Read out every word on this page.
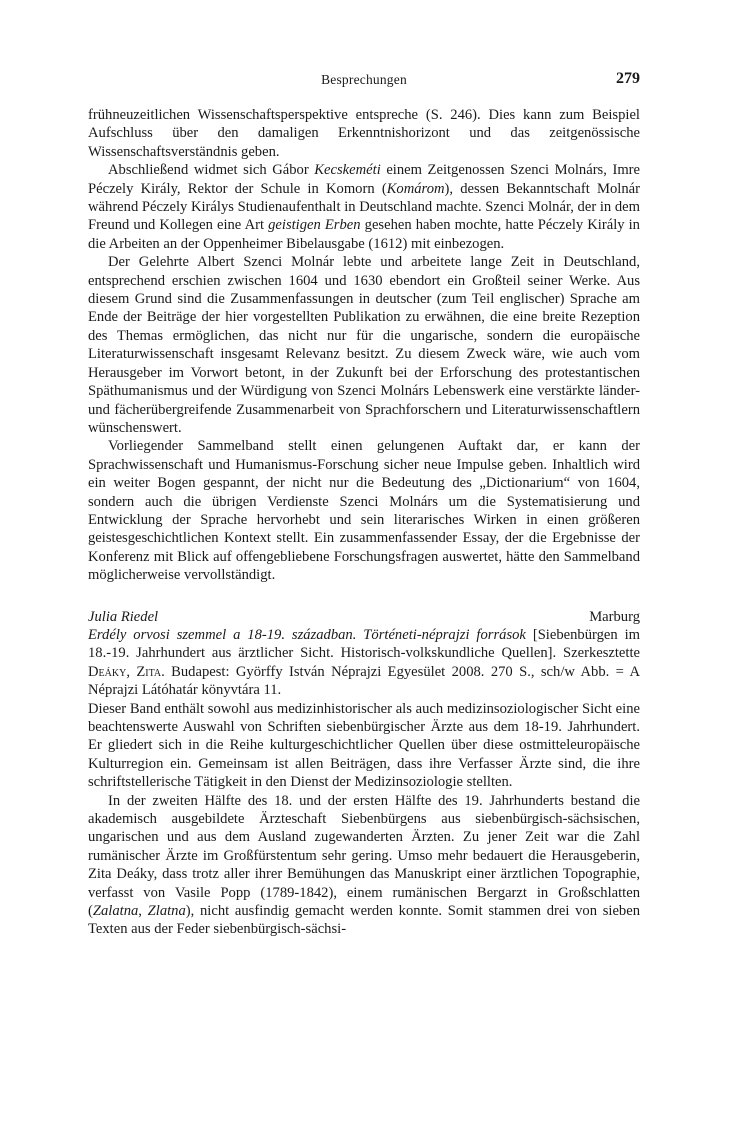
Besprechungen	279

frühneuzeitlichen Wissenschaftsperspektive entspreche (S. 246). Dies kann zum Beispiel Aufschluss über den damaligen Erkenntnishorizont und das zeitgenössische Wissenschaftsverständnis geben.

Abschließend widmet sich Gábor Kecskeméti einem Zeitgenossen Szenci Molnárs, Imre Péczely Király, Rektor der Schule in Komorn (Komárom), dessen Bekanntschaft Molnár während Péczely Királys Studienaufenthalt in Deutschland machte. Szenci Molnár, der in dem Freund und Kollegen eine Art geistigen Erben gesehen haben mochte, hatte Péczely Király in die Arbeiten an der Oppenheimer Bibelausgabe (1612) mit einbezogen.

Der Gelehrte Albert Szenci Molnár lebte und arbeitete lange Zeit in Deutschland, entsprechend erschien zwischen 1604 und 1630 ebendort ein Großteil seiner Werke. Aus diesem Grund sind die Zusammenfassungen in deutscher (zum Teil englischer) Sprache am Ende der Beiträge der hier vorgestellten Publikation zu erwähnen, die eine breite Rezeption des Themas ermöglichen, das nicht nur für die ungarische, sondern die europäische Literaturwissenschaft insgesamt Relevanz besitzt. Zu diesem Zweck wäre, wie auch vom Herausgeber im Vorwort betont, in der Zukunft bei der Erforschung des protestantischen Späthumanismus und der Würdigung von Szenci Molnárs Lebenswerk eine verstärkte länder- und fächerübergreifende Zusammenarbeit von Sprachforschern und Literaturwissenschaftlern wünschenswert.

Vorliegender Sammelband stellt einen gelungenen Auftakt dar, er kann der Sprachwissenschaft und Humanismus-Forschung sicher neue Impulse geben. Inhaltlich wird ein weiter Bogen gespannt, der nicht nur die Bedeutung des „Dictionarium“ von 1604, sondern auch die übrigen Verdienste Szenci Molnárs um die Systematisierung und Entwicklung der Sprache hervorhebt und sein literarisches Wirken in einen größeren geistesgeschichtlichen Kontext stellt. Ein zusammenfassender Essay, der die Ergebnisse der Konferenz mit Blick auf offengebliebene Forschungsfragen auswertet, hätte den Sammelband möglicherweise vervollständigt.

Julia Riedel	Marburg

Erdély orvosi szemmel a 18-19. században. Történeti-néprajzi források [Siebenbürgen im 18.-19. Jahrhundert aus ärztlicher Sicht. Historisch-volkskundliche Quellen]. Szerkesztette Deáky, Zita. Budapest: Györffy István Néprajzi Egyesület 2008. 270 S., sch/w Abb. = A Néprajzi Látóhatár könyvtára 11.

Dieser Band enthält sowohl aus medizinhistorischer als auch medizinsoziologischer Sicht eine beachtenswerte Auswahl von Schriften siebenbürgischer Ärzte aus dem 18-19. Jahrhundert. Er gliedert sich in die Reihe kulturgeschichtlicher Quellen über diese ostmitteleuropäische Kulturregion ein. Gemeinsam ist allen Beiträgen, dass ihre Verfasser Ärzte sind, die ihre schriftstellerische Tätigkeit in den Dienst der Medizinsoziologie stellten.

In der zweiten Hälfte des 18. und der ersten Hälfte des 19. Jahrhunderts bestand die akademisch ausgebildete Ärzteschaft Siebenbürgens aus siebenbürgisch-sächsischen, ungarischen und aus dem Ausland zugewanderten Ärzten. Zu jener Zeit war die Zahl rumänischer Ärzte im Großfürstentum sehr gering. Umso mehr bedauert die Herausgeberin, Zita Deáky, dass trotz aller ihrer Bemühungen das Manuskript einer ärztlichen Topographie, verfasst von Vasile Popp (1789-1842), einem rumänischen Bergarzt in Großschlatten (Zalatna, Zlatna), nicht ausfindig gemacht werden konnte. Somit stammen drei von sieben Texten aus der Feder siebenbürgisch-sächsi-
